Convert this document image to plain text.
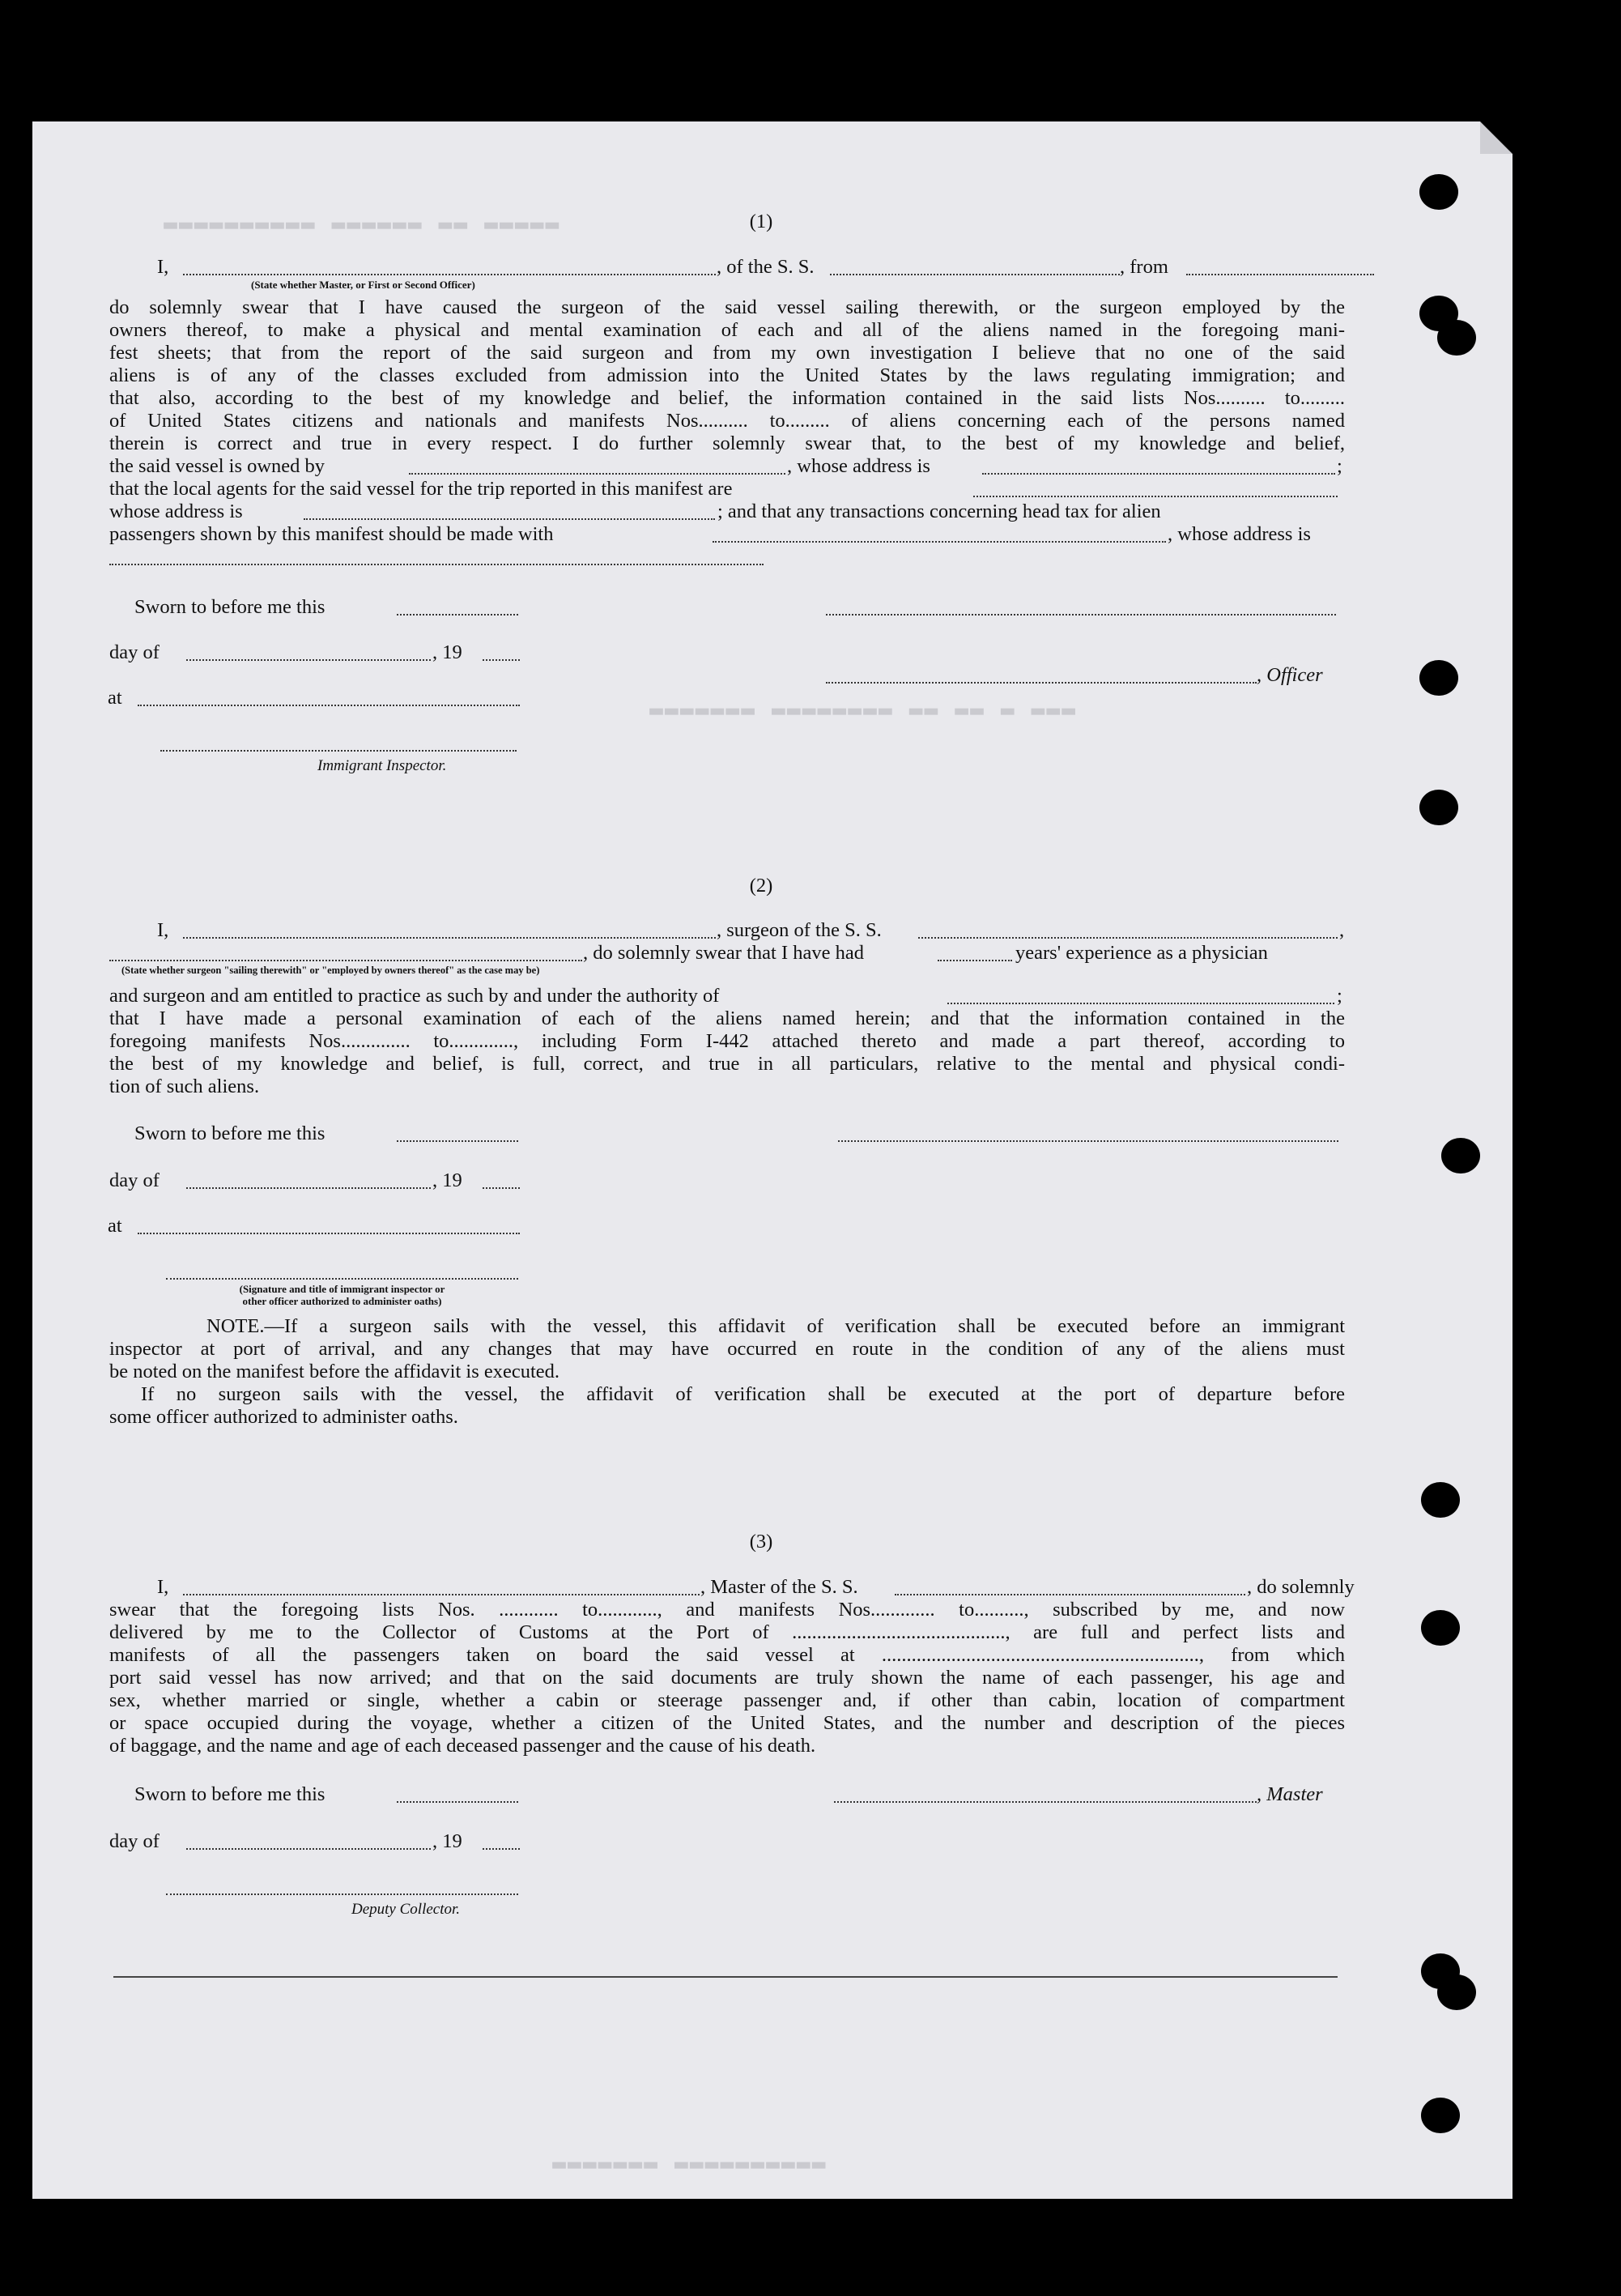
▬▬▬▬▬ ▬▬ ▬▬▬▬▬▬ ▬▬▬▬▬▬▬▬▬▬
▬▬▬ ▬ ▬▬ ▬▬ ▬▬▬▬▬▬▬▬ ▬▬▬▬▬▬▬
▬▬▬▬▬▬▬▬▬▬ ▬▬▬▬▬▬▬
(1)
I,	, of the S. S.	, from
(State whether Master, or First or Second Officer)
do solemnly swear that I have caused the surgeon of the said vessel sailing therewith, or the surgeon employed by the
owners thereof, to make a physical and mental examination of each and all of the aliens named in the foregoing mani-
fest sheets; that from the report of the said surgeon and from my own investigation I believe that no one of the said
aliens is of any of the classes excluded from admission into the United States by the laws regulating immigration; and
that also, according to the best of my knowledge and belief, the information contained in the said lists Nos.......... to.........
of United States citizens and nationals and manifests Nos.......... to......... of aliens concerning each of the persons named
therein is correct and true in every respect. I do further solemnly swear that, to the best of my knowledge and belief,
the said vessel is owned by	, whose address is	;
that the local agents for the said vessel for the trip reported in this manifest are
whose address is	; and that any transactions concerning head tax for alien
passengers shown by this manifest should be made with	, whose address is
Sworn to before me this
day of	, 19
, Officer
at
Immigrant Inspector.
(2)
I,	, surgeon of the S. S.	,
, do solemnly swear that I have had	years' experience as a physician
(State whether surgeon "sailing therewith" or "employed by owners thereof" as the case may be)
and surgeon and am entitled to practice as such by and under the authority of	;
that I have made a personal examination of each of the aliens named herein; and that the information contained in the
foregoing manifests Nos.............. to............., including Form I-442 attached thereto and made a part thereof, according to
the best of my knowledge and belief, is full, correct, and true in all particulars, relative to the mental and physical condi-
tion of such aliens.
Sworn to before me this
day of	, 19
at
(Signature and title of immigrant inspector or
other officer authorized to administer oaths)
NOTE.—If a surgeon sails with the vessel, this affidavit of verification shall be executed before an immigrant
inspector at port of arrival, and any changes that may have occurred en route in the condition of any of the aliens must
be noted on the manifest before the affidavit is executed.
If no surgeon sails with the vessel, the affidavit of verification shall be executed at the port of departure before
some officer authorized to administer oaths.
(3)
I,	, Master of the S. S.	, do solemnly
swear that the foregoing lists Nos. ............ to............, and manifests Nos............. to.........., subscribed by me, and now
delivered by me to the Collector of Customs at the Port of ..........................................., are full and perfect lists and
manifests of all the passengers taken on board the said vessel at ................................................................, from which
port said vessel has now arrived; and that on the said documents are truly shown the name of each passenger, his age and
sex, whether married or single, whether a cabin or steerage passenger and, if other than cabin, location of compartment
or space occupied during the voyage, whether a citizen of the United States, and the number and description of the pieces
of baggage, and the name and age of each deceased passenger and the cause of his death.
Sworn to before me this	, Master
day of	, 19
Deputy Collector.
